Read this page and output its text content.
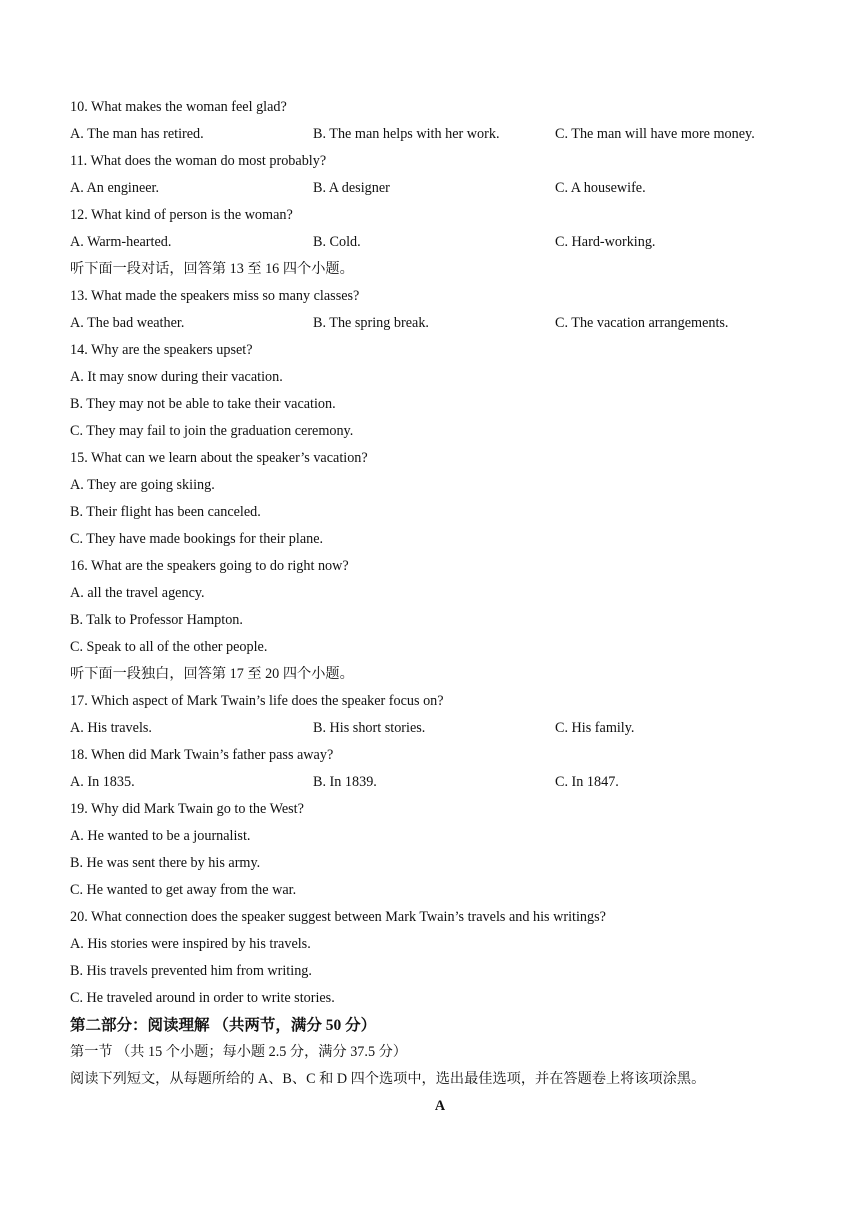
10. What makes the woman feel glad?
A. The man has retired.	B. The man helps with her work.	C. The man will have more money.
11. What does the woman do most probably?
A. An engineer.	B. A designer	C. A housewife.
12. What kind of person is the woman?
A. Warm-hearted.	B. Cold.	C. Hard-working.
听下面一段对话，回答第 13 至 16 四个小题。
13. What made the speakers miss so many classes?
A. The bad weather.	B. The spring break.	C. The vacation arrangements.
14. Why are the speakers upset?
A. It may snow during their vacation.
B. They may not be able to take their vacation.
C. They may fail to join the graduation ceremony.
15. What can we learn about the speaker’s vacation?
A. They are going skiing.
B. Their flight has been canceled.
C. They have made bookings for their plane.
16. What are the speakers going to do right now?
A. all the travel agency.
B. Talk to Professor Hampton.
C. Speak to all of the other people.
听下面一段独白，回答第 17 至 20 四个小题。
17. Which aspect of Mark Twain’s life does the speaker focus on?
A. His travels.	B. His short stories.	C. His family.
18. When did Mark Twain’s father pass away?
A. In 1835.	B. In 1839.	C. In 1847.
19. Why did Mark Twain go to the West?
A. He wanted to be a journalist.
B. He was sent there by his army.
C. He wanted to get away from the war.
20. What connection does the speaker suggest between Mark Twain’s travels and his writings?
A. His stories were inspired by his travels.
B. His travels prevented him from writing.
C. He traveled around in order to write stories.
第二部分：阅读理解 （共两节，满分 50 分）
第一节 （共 15 个小题；每小题 2.5 分，满分 37.5 分）
阅读下列短文，从每题所给的 A、B、C 和 D 四个选项中，选出最佳选项，并在答题卷上将该项涂黑。
A
